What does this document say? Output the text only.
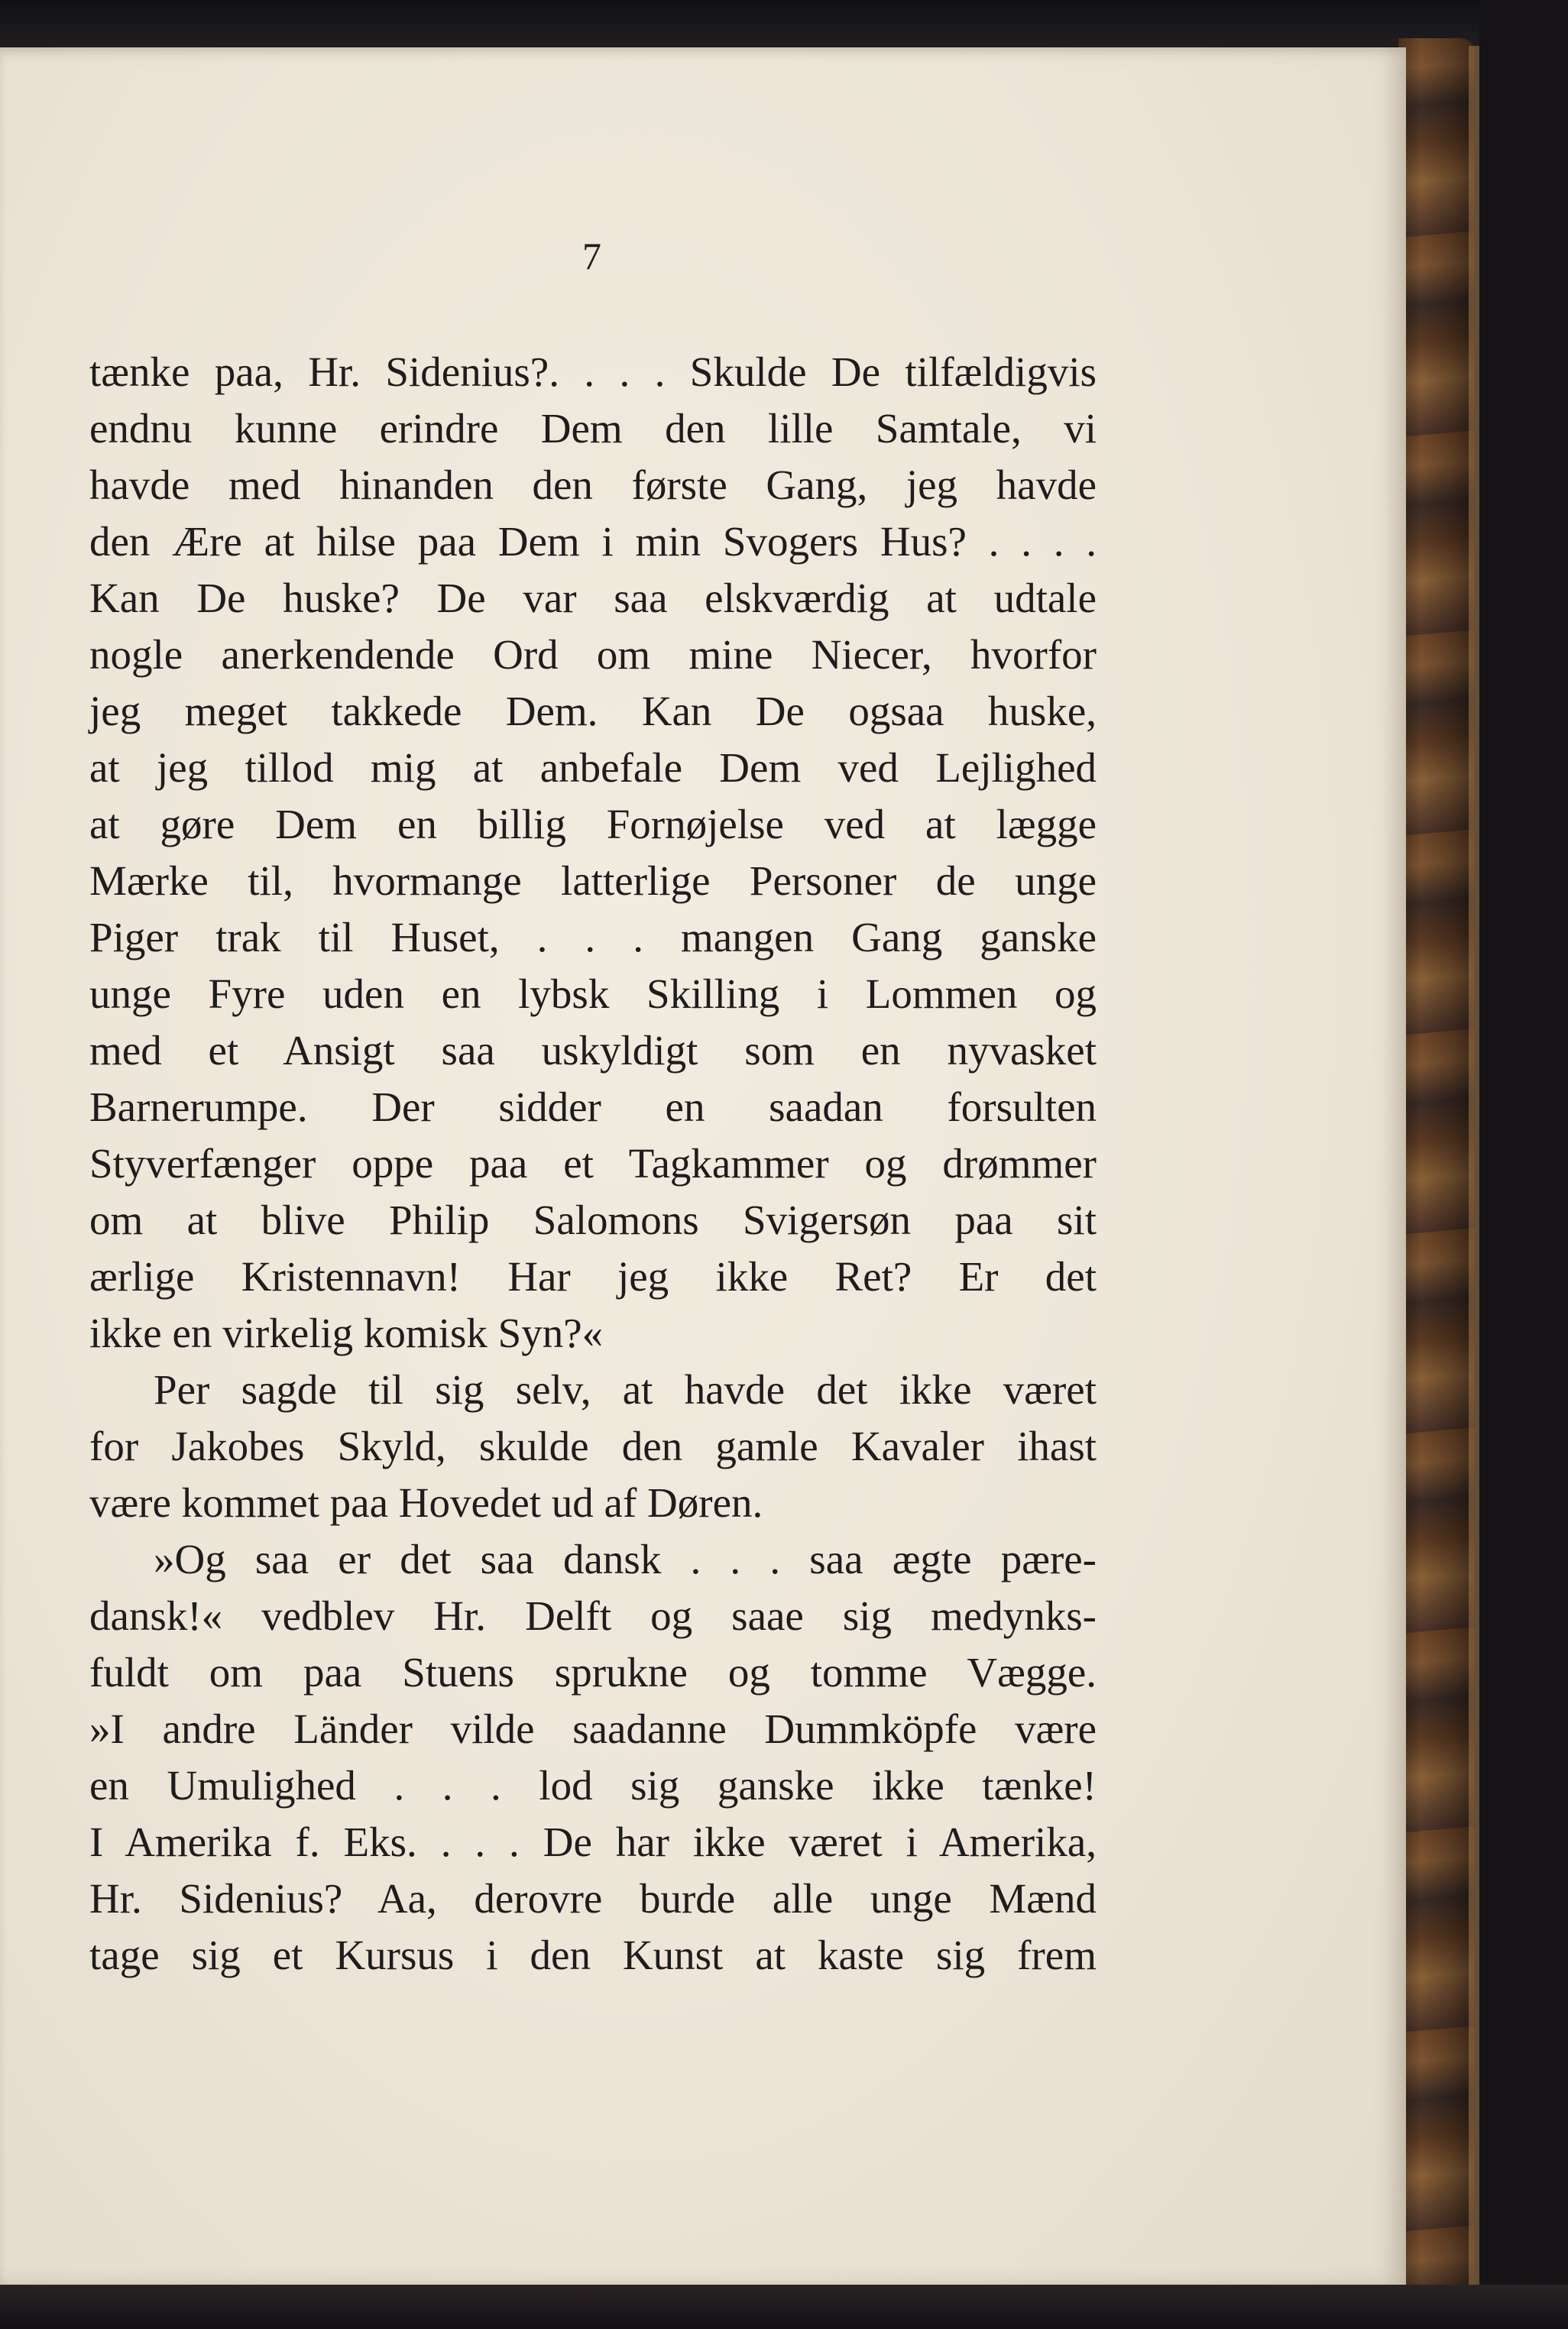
7
tænke paa, Hr. Sidenius?. . . . Skulde De tilfældigvis
endnu kunne erindre Dem den lille Samtale, vi
havde med hinanden den første Gang, jeg havde
den Ære at hilse paa Dem i min Svogers Hus? . . . .
Kan De huske? De var saa elskværdig at udtale
nogle anerkendende Ord om mine Niecer, hvorfor
jeg meget takkede Dem. Kan De ogsaa huske,
at jeg tillod mig at anbefale Dem ved Lejlighed
at gøre Dem en billig Fornøjelse ved at lægge
Mærke til, hvormange latterlige Personer de unge
Piger trak til Huset, . . . mangen Gang ganske
unge Fyre uden en lybsk Skilling i Lommen og
med et Ansigt saa uskyldigt som en nyvasket
Barnerumpe. Der sidder en saadan forsulten
Styverfænger oppe paa et Tagkammer og drømmer
om at blive Philip Salomons Svigersøn paa sit
ærlige Kristennavn! Har jeg ikke Ret? Er det
ikke en virkelig komisk Syn?«
Per sagde til sig selv, at havde det ikke været
for Jakobes Skyld, skulde den gamle Kavaler ihast
være kommet paa Hovedet ud af Døren.
»Og saa er det saa dansk . . . saa ægte pære-
dansk!« vedblev Hr. Delft og saae sig medynks-
fuldt om paa Stuens sprukne og tomme Vægge.
»I andre Länder vilde saadanne Dummköpfe være
en Umulighed . . . lod sig ganske ikke tænke!
I Amerika f. Eks. . . . De har ikke været i Amerika,
Hr. Sidenius? Aa, derovre burde alle unge Mænd
tage sig et Kursus i den Kunst at kaste sig frem
